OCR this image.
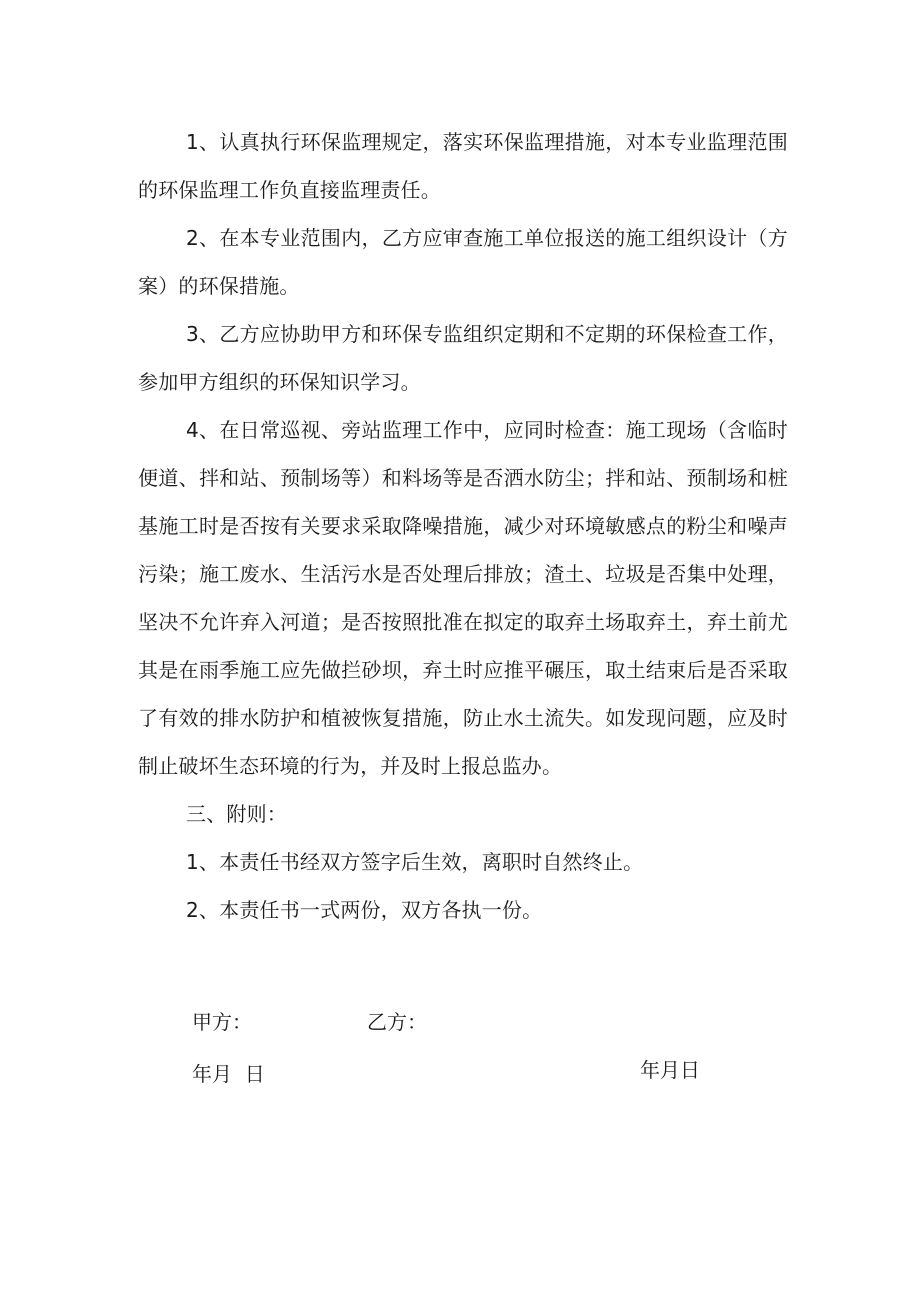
1、认真执行环保监理规定，落实环保监理措施，对本专业监理范围的环保监理工作负直接监理责任。

2、在本专业范围内，乙方应审查施工单位报送的施工组织设计（方案）的环保措施。

3、乙方应协助甲方和环保专监组织定期和不定期的环保检查工作，参加甲方组织的环保知识学习。

4、在日常巡视、旁站监理工作中，应同时检查：施工现场（含临时便道、拌和站、预制场等）和料场等是否洒水防尘；拌和站、预制场和桩基施工时是否按有关要求采取降噪措施，减少对环境敏感点的粉尘和噪声污染；施工废水、生活污水是否处理后排放；渣土、垃圾是否集中处理，坚决不允许弃入河道；是否按照批准在拟定的取弃土场取弃土，弃土前尤其是在雨季施工应先做拦砂坝，弃土时应推平碾压，取土结束后是否采取了有效的排水防护和植被恢复措施，防止水土流失。如发现问题，应及时制止破坏生态环境的行为，并及时上报总监办。

三、附则：

1、本责任书经双方签字后生效，离职时自然终止。

2、本责任书一式两份，双方各执一份。

甲方：	乙方：
年月  日	年月日
